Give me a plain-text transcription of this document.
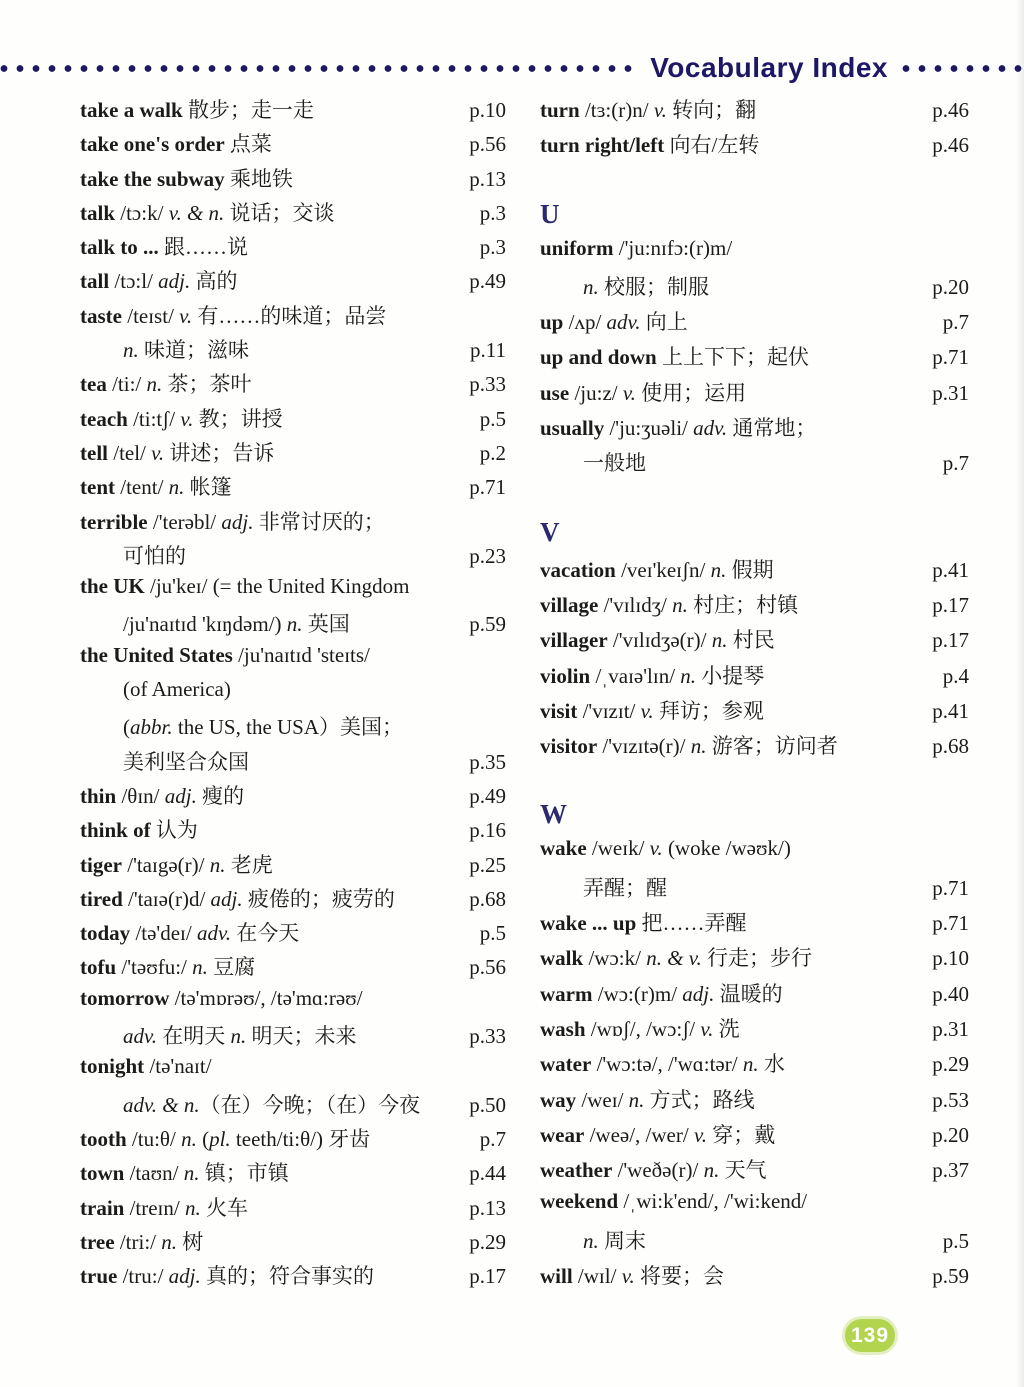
Vocabulary Index
take a walk 散步；走一走	p.10
take one's order 点菜	p.56
take the subway 乘地铁	p.13
talk /tɔ:k/ v. & n. 说话；交谈	p.3
talk to ... 跟……说	p.3
tall /tɔ:l/ adj. 高的	p.49
taste /teɪst/ v. 有……的味道；品尝
n. 味道；滋味	p.11
tea /ti:/ n. 茶；茶叶	p.33
teach /ti:tʃ/ v. 教；讲授	p.5
tell /tel/ v. 讲述；告诉	p.2
tent /tent/ n. 帐篷	p.71
terrible /'terəbl/ adj. 非常讨厌的；
可怕的	p.23
the UK /ju'keɪ/ (= the United Kingdom
/ju'naɪtɪd 'kɪŋdəm/) n. 英国	p.59
the United States /ju'naɪtɪd 'steɪts/
(of America)
(abbr. the US, the USA）美国；
美利坚合众国	p.35
thin /θɪn/ adj. 瘦的	p.49
think of 认为	p.16
tiger /'taɪgə(r)/ n. 老虎	p.25
tired /'taɪə(r)d/ adj. 疲倦的；疲劳的	p.68
today /tə'deɪ/ adv. 在今天	p.5
tofu /'təʊfu:/ n. 豆腐	p.56
tomorrow /tə'mɒrəʊ/, /tə'mɑ:rəʊ/
adv. 在明天 n. 明天；未来	p.33
tonight /tə'naɪt/
adv. & n.（在）今晚；（在）今夜 p.50
tooth /tu:θ/ n. (pl. teeth/ti:θ/) 牙齿	p.7
town /taʊn/ n. 镇；市镇	p.44
train /treɪn/ n. 火车	p.13
tree /tri:/ n. 树	p.29
true /tru:/ adj. 真的；符合事实的	p.17
turn /tɜ:(r)n/ v. 转向；翻	p.46
turn right/left 向右/左转	p.46
U
uniform /'ju:nɪfɔ:(r)m/
n. 校服；制服	p.20
up /ʌp/ adv. 向上	p.7
up and down 上上下下；起伏	p.71
use /ju:z/ v. 使用；运用	p.31
usually /'ju:ʒuəli/ adv. 通常地；
一般地	p.7
V
vacation /veɪ'keɪʃn/ n. 假期	p.41
village /'vɪlɪdʒ/ n. 村庄；村镇	p.17
villager /'vɪlɪdʒə(r)/ n. 村民	p.17
violin /ˌvaɪə'lɪn/ n. 小提琴	p.4
visit /'vɪzɪt/ v. 拜访；参观	p.41
visitor /'vɪzɪtə(r)/ n. 游客；访问者	p.68
W
wake /weɪk/ v. (woke /wəʊk/)
弄醒；醒	p.71
wake ... up 把……弄醒	p.71
walk /wɔ:k/ n. & v. 行走；步行	p.10
warm /wɔ:(r)m/ adj. 温暖的	p.40
wash /wɒʃ/, /wɔ:ʃ/ v. 洗	p.31
water /'wɔ:tə/, /'wɑ:tər/ n. 水	p.29
way /weɪ/ n. 方式；路线	p.53
wear /weə/, /wer/ v. 穿；戴	p.20
weather /'weðə(r)/ n. 天气	p.37
weekend /ˌwi:k'end/, /'wi:kend/
n. 周末	p.5
will /wɪl/ v. 将要；会	p.59
139
